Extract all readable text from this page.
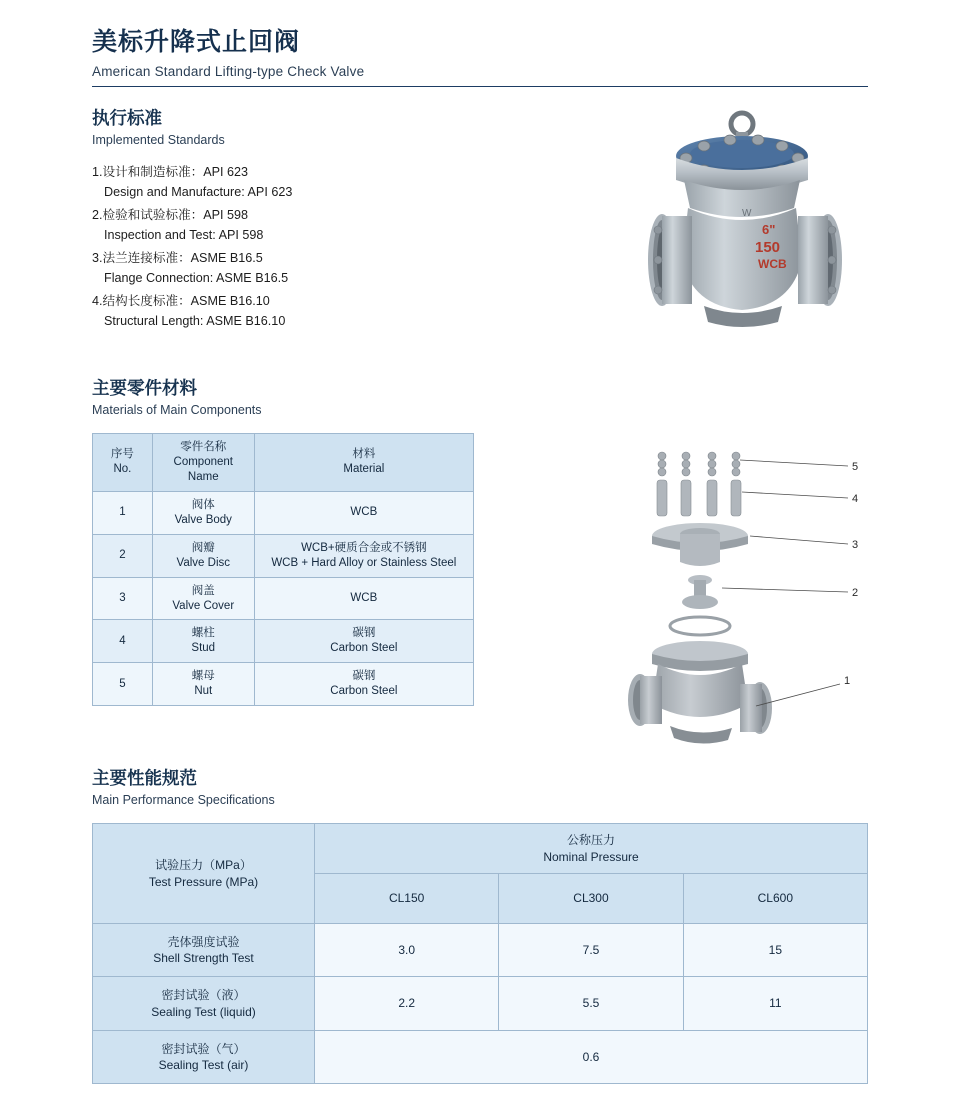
美标升降式止回阀
American Standard Lifting-type Check Valve
执行标准
Implemented Standards
1.设计和制造标准：API 623
Design and Manufacture: API 623
2.检验和试验标准：API 598
Inspection and Test: API 598
3.法兰连接标准：ASME B16.5
Flange Connection: ASME B16.5
4.结构长度标准：ASME B16.10
Structural Length: ASME B16.10
6"
150
WCB
W
主要零件材料
Materials of Main Components
序号
No.	零件名称
Component
Name	材料
Material

1	阀体
Valve Body	WCB

2	阀瓣
Valve Disc	WCB+硬质合金或不锈钢
WCB + Hard Alloy or Stainless Steel

3	阀盖
Valve Cover	WCB

4	螺柱
Stud	碳钢
Carbon Steel

5	螺母
Nut	碳钢
Carbon Steel
5
4
3
2
1
主要性能规范
Main Performance Specifications
试验压力（MPa）
Test Pressure (MPa)	公称压力
Nominal Pressure		

	CL150	CL300	CL600

壳体强度试验
Shell Strength Test	3.0	7.5	15

密封试验（液）
Sealing Test (liquid)	2.2	5.5	11

密封试验（气）
Sealing Test (air)	0.6		
